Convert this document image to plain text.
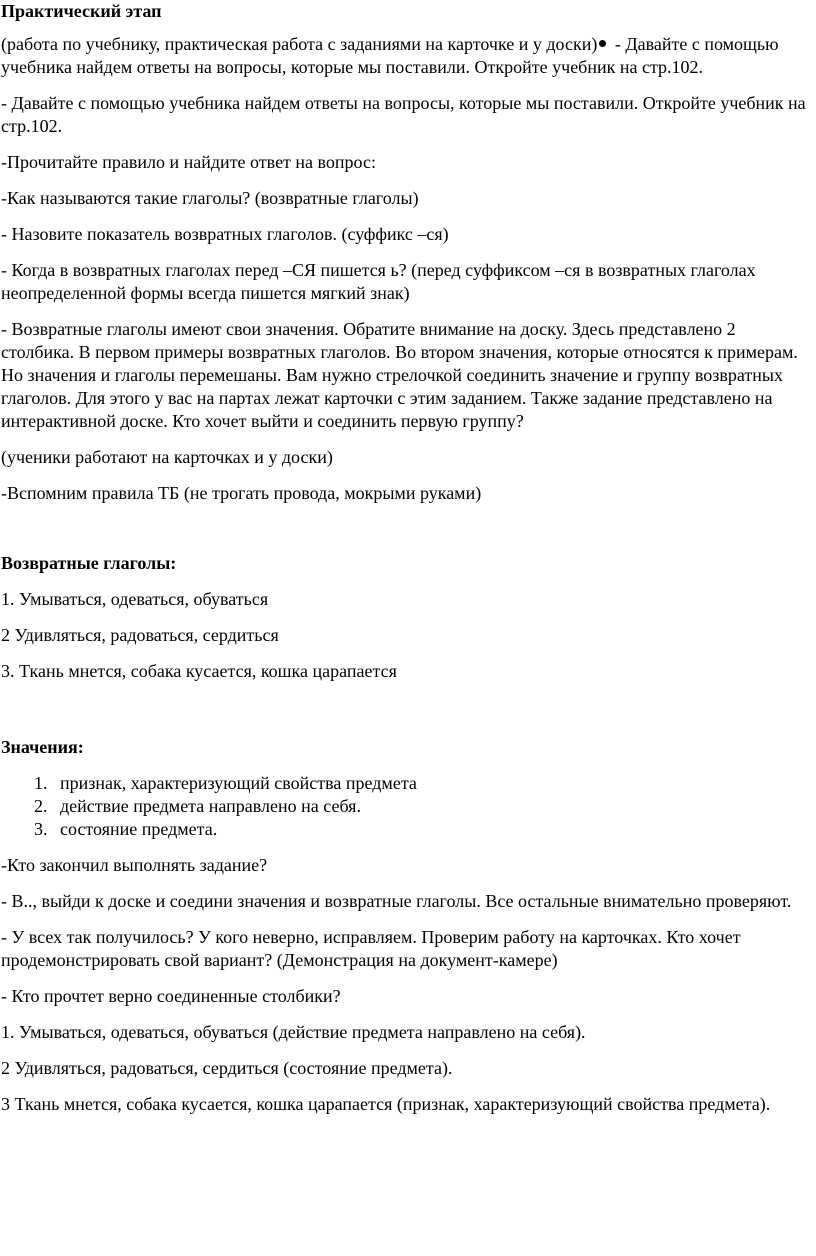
Практический этап
(работа по учебнику, практическая работа с заданиями на карточке и у доски) - Давайте с помощью учебника найдем ответы на вопросы, которые мы поставили. Откройте учебник на стр.102.
- Давайте с помощью учебника найдем ответы на вопросы, которые мы поставили. Откройте учебник на стр.102.
-Прочитайте правило и найдите ответ на вопрос:
-Как называются такие глаголы? (возвратные глаголы)
- Назовите показатель возвратных глаголов. (суффикс –ся)
- Когда в возвратных глаголах перед –СЯ пишется ь? (перед суффиксом –ся в возвратных глаголах неопределенной формы всегда пишется мягкий знак)
- Возвратные глаголы имеют свои значения. Обратите внимание на доску. Здесь представлено 2 столбика. В первом примеры возвратных глаголов. Во втором значения, которые относятся к примерам. Но значения и глаголы перемешаны. Вам нужно стрелочкой соединить значение и группу возвратных глаголов. Для этого у вас на партах лежат карточки с этим заданием. Также задание представлено на интерактивной доске. Кто хочет выйти и соединить первую группу?
(ученики работают на карточках и у доски)
-Вспомним правила ТБ (не трогать провода, мокрыми руками)
Возвратные глаголы:
1. Умываться, одеваться, обуваться
2 Удивляться, радоваться, сердиться
3. Ткань мнется, собака кусается, кошка царапается
Значения:
1. признак, характеризующий свойства предмета
2. действие предмета направлено на себя.
3. состояние предмета.
-Кто закончил выполнять задание?
- В.., выйди к доске и соедини значения и возвратные глаголы. Все остальные внимательно проверяют.
- У всех так получилось? У кого неверно, исправляем. Проверим работу на карточках. Кто хочет продемонстрировать свой вариант? (Демонстрация на документ-камере)
- Кто прочтет верно соединенные столбики?
1. Умываться, одеваться, обуваться (действие предмета направлено на себя).
2 Удивляться, радоваться, сердиться (состояние предмета).
3 Ткань мнется, собака кусается, кошка царапается (признак, характеризующий свойства предмета).
